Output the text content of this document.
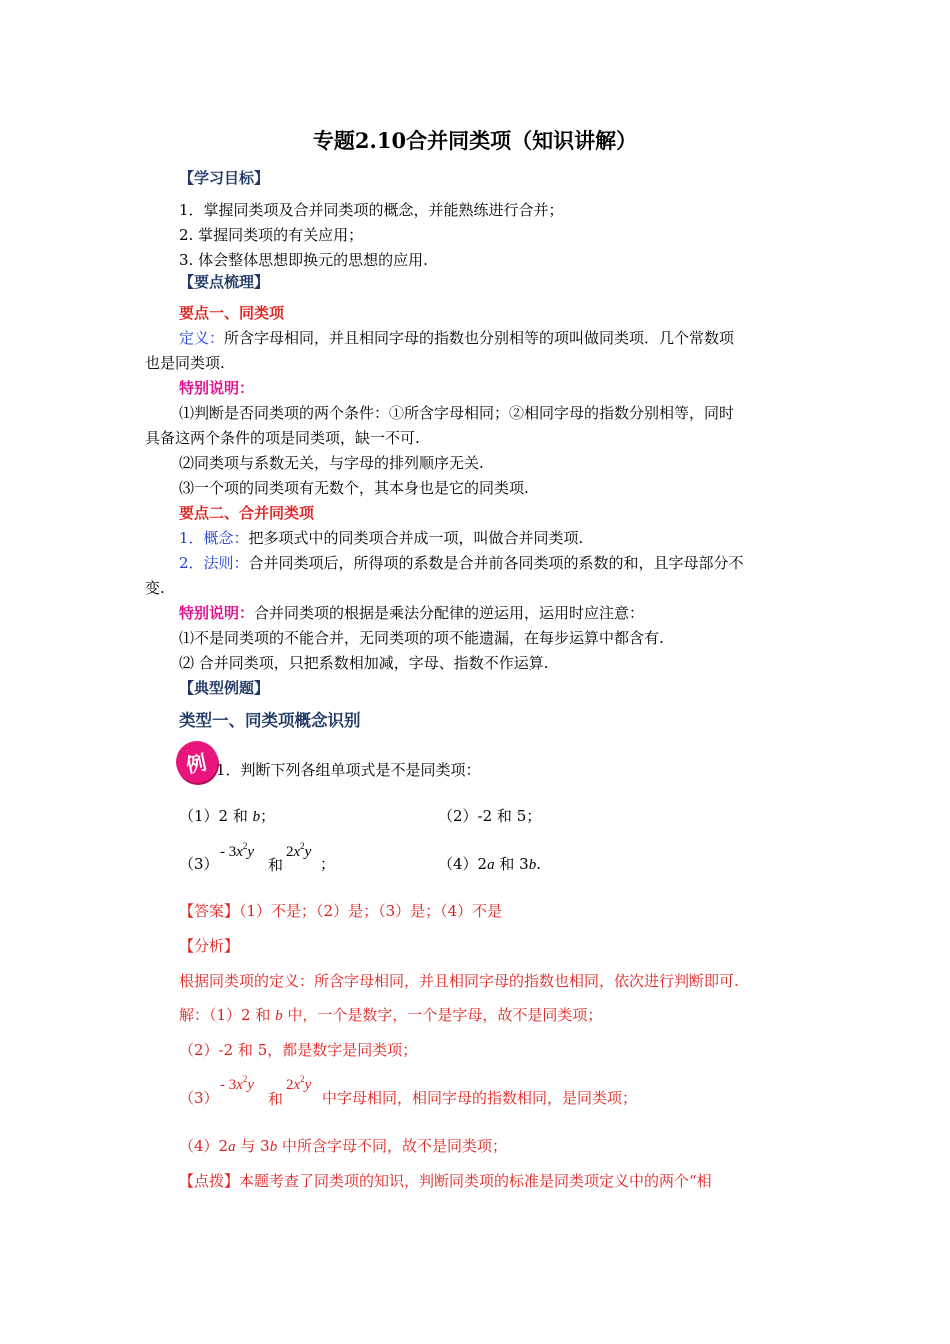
专题2.10合并同类项（知识讲解）
【学习目标】
1．掌握同类项及合并同类项的概念，并能熟练进行合并；
2. 掌握同类项的有关应用；
3. 体会整体思想即换元的思想的应用.
【要点梳理】
要点一、同类项
定义：所含字母相同，并且相同字母的指数也分别相等的项叫做同类项．几个常数项
也是同类项.
特别说明：
⑴判断是否同类项的两个条件：①所含字母相同；②相同字母的指数分别相等，同时
具备这两个条件的项是同类项，缺一不可.
⑵同类项与系数无关，与字母的排列顺序无关.
⑶一个项的同类项有无数个，其本身也是它的同类项.
要点二、合并同类项
1．概念：把多项式中的同类项合并成一项，叫做合并同类项.
2．法则：合并同类项后，所得项的系数是合并前各同类项的系数的和，且字母部分不
变.
特别说明：合并同类项的根据是乘法分配律的逆运用，运用时应注意：
⑴不是同类项的不能合并，无同类项的项不能遗漏，在每步运算中都含有.
⑵ 合并同类项，只把系数相加减，字母、指数不作运算.
【典型例题】
类型一、同类项概念识别
例 1．判断下列各组单项式是不是同类项：
（1）2 和 b；	（2）-2 和 5；
（3）
- $3x^2y$
和
$2x^2y$
；	（4）2a 和 3b.
【答案】（1）不是；（2）是；（3）是；（4）不是
【分析】
根据同类项的定义：所含字母相同，并且相同字母的指数也相同，依次进行判断即可.
解：（1）2 和 b 中，一个是数字，一个是字母，故不是同类项；
（2）-2 和 5，都是数字是同类项；
（3）
- $3x^2y$
和
$2x^2y$
中字母相同，相同字母的指数相同，是同类项；
（4）2a 与 3b 中所含字母不同，故不是同类项；
【点拨】本题考查了同类项的知识，判断同类项的标准是同类项定义中的两个“相
